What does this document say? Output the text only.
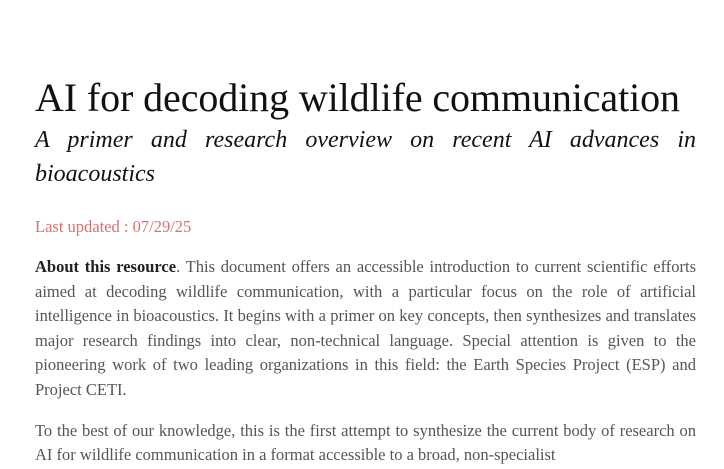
AI for decoding wildlife communication
A primer and research overview on recent AI advances in bioacoustics

Last updated : 07/29/25

About this resource. This document offers an accessible introduction to current scientific efforts aimed at decoding wildlife communication, with a particular focus on the role of artificial intelligence in bioacoustics. It begins with a primer on key concepts, then synthesizes and translates major research findings into clear, non-technical language. Special attention is given to the pioneering work of two leading organizations in this field: the Earth Species Project (ESP) and Project CETI.

To the best of our knowledge, this is the first attempt to synthesize the current body of research on AI for wildlife communication in a format accessible to a broad, non-specialist
